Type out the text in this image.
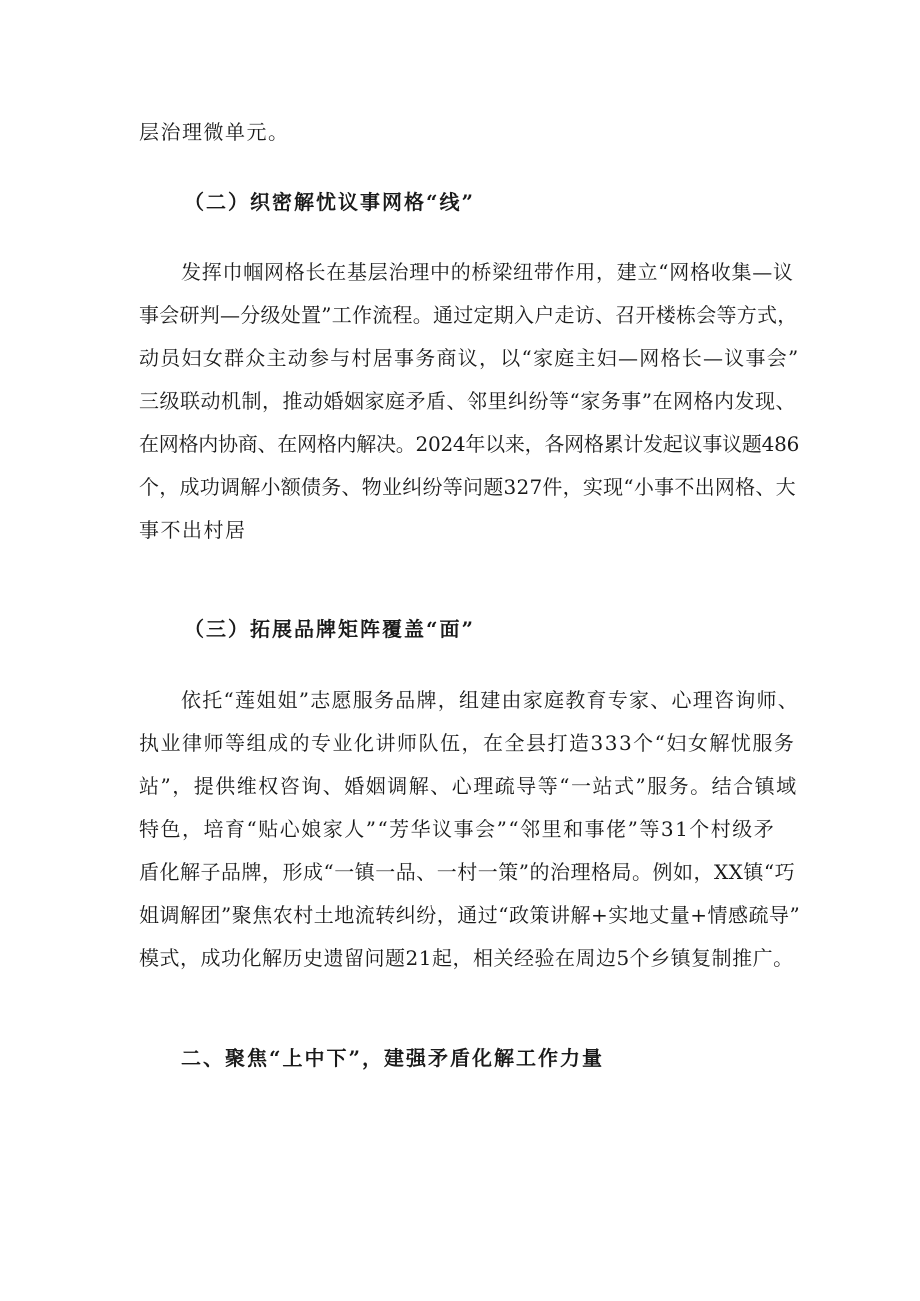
层治理微单元。
（二）织密解忧议事网格“线”
发挥巾帼网格长在基层治理中的桥梁纽带作用，建立“网格收集—议
事会研判—分级处置”工作流程。通过定期入户走访、召开楼栋会等方式，
动员妇女群众主动参与村居事务商议，以“家庭主妇—网格长—议事会”
三级联动机制，推动婚姻家庭矛盾、邻里纠纷等“家务事”在网格内发现、
在网格内协商、在网格内解决。2024年以来，各网格累计发起议事议题486
个，成功调解小额债务、物业纠纷等问题327件，实现“小事不出网格、大
事不出村居
（三）拓展品牌矩阵覆盖“面”
依托“莲姐姐”志愿服务品牌，组建由家庭教育专家、心理咨询师、
执业律师等组成的专业化讲师队伍，在全县打造333个“妇女解忧服务
站”，提供维权咨询、婚姻调解、心理疏导等“一站式”服务。结合镇域
特色，培育“贴心娘家人”“芳华议事会”“邻里和事佬”等31个村级矛
盾化解子品牌，形成“一镇一品、一村一策”的治理格局。例如，XX镇“巧
姐调解团”聚焦农村土地流转纠纷，通过“政策讲解+实地丈量+情感疏导”
模式，成功化解历史遗留问题21起，相关经验在周边5个乡镇复制推广。
二、聚焦“上中下”，建强矛盾化解工作力量
